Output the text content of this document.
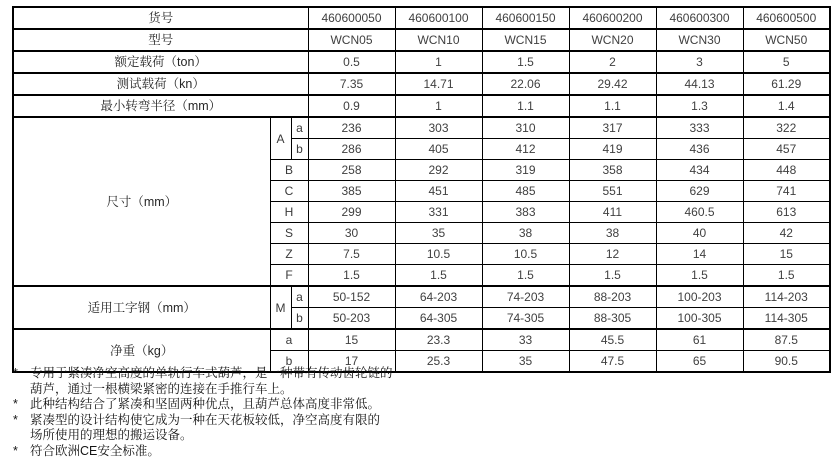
货号			460600050	460600100	460600150	460600200	460600300	460600500
型号			WCN05	WCN10	WCN15	WCN20	WCN30	WCN50
额定载荷（ton）			0.5	1	1.5	2	3	5
测试载荷（kn）			7.35	14.71	22.06	29.42	44.13	61.29
最小转弯半径（mm）			0.9	1	1.1	1.1	1.3	1.4
尺寸（mm）	A	a	236	303	310	317	333	322
		b	286	405	412	419	436	457
	B		258	292	319	358	434	448
	C		385	451	485	551	629	741
	H		299	331	383	411	460.5	613
	S		30	35	38	38	40	42
	Z		7.5	10.5	10.5	12	14	15
	F		1.5	1.5	1.5	1.5	1.5	1.5
适用工字钢（mm）	M	a	50-152	64-203	74-203	88-203	100-203	114-203
		b	50-203	64-305	74-305	88-305	100-305	114-305
净重（kg）	a		15	23.3	33	45.5	61	87.5
	b		17	25.3	35	47.5	65	90.5
* 专用于紧凑净空高度的单轨行车式葫芦，是一种带有传动齿轮链的
葫芦，通过一根横梁紧密的连接在手推行车上。
* 此种结构结合了紧凑和坚固两种优点，且葫芦总体高度非常低。
* 紧凑型的设计结构使它成为一种在天花板较低，净空高度有限的
场所使用的理想的搬运设备。
* 符合欧洲CE安全标准。
